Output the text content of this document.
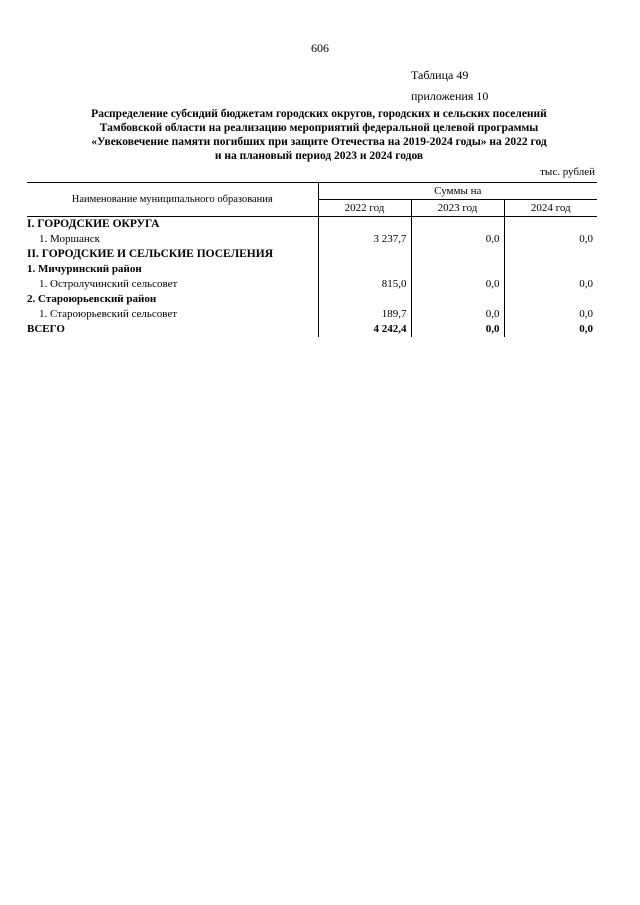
606
Таблица 49
приложения 10
Распределение субсидий бюджетам городских округов, городских и сельских поселений
Тамбовской области на реализацию мероприятий федеральной целевой программы
«Увековечение памяти погибших при защите Отечества на 2019-2024 годы» на 2022 год
и на плановый период 2023 и 2024 годов
тыс. рублей
Наименование муниципального образования	Суммы на		
	2022 год	2023 год	2024 год
I. ГОРОДСКИЕ ОКРУГА			
1. Моршанск	3 237,7	0,0	0,0
II. ГОРОДСКИЕ И СЕЛЬСКИЕ ПОСЕЛЕНИЯ			
1. Мичуринский район			
1. Остролучинский сельсовет	815,0	0,0	0,0
2. Староюрьевский район			
1. Староюрьевский сельсовет	189,7	0,0	0,0
ВСЕГО	4 242,4	0,0	0,0
